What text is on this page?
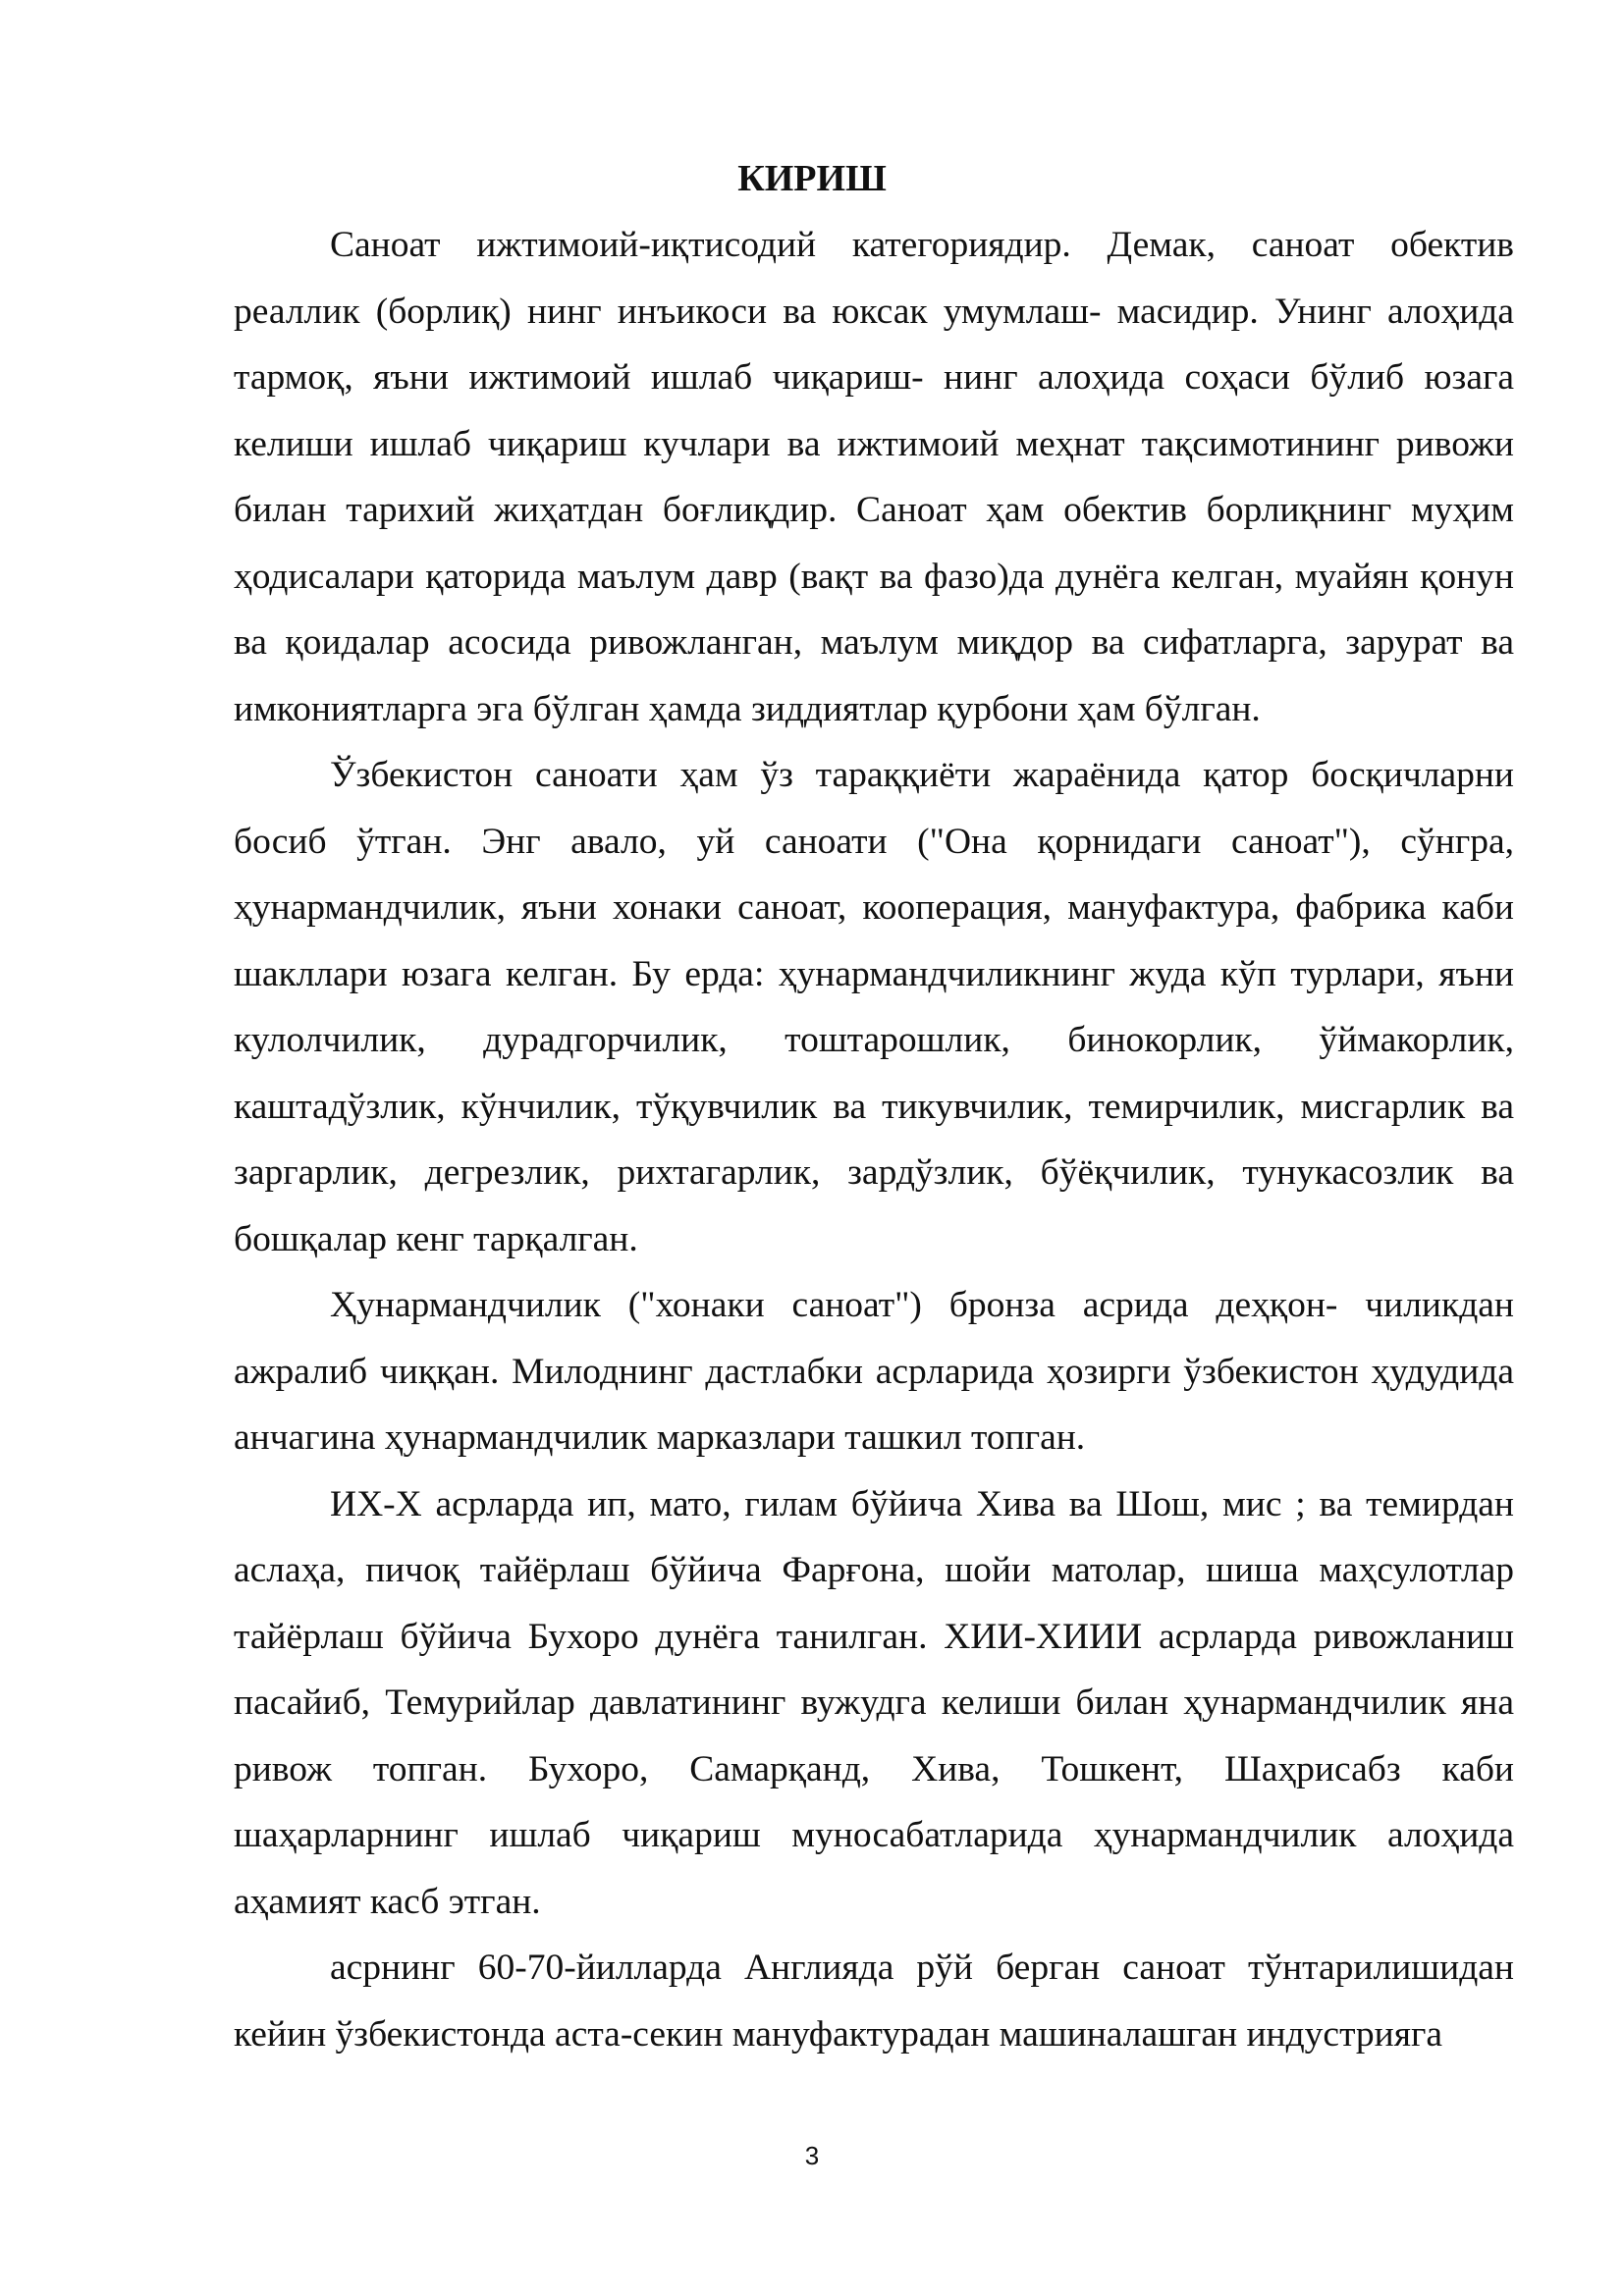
КИРИШ

Саноат ижтимоий-иқтисодий категориядир. Демак, саноат обектив реаллик (борлиқ) нинг инъикоси ва юксак умумлаш- масидир. Унинг алоҳида тармоқ, яъни ижтимоий ишлаб чиқариш- нинг алоҳида соҳаси бўлиб юзага келиши ишлаб чиқариш кучлари ва ижтимоий меҳнат тақсимотининг ривожи билан тарихий жиҳатдан боғлиқдир. Саноат ҳам обектив борлиқнинг муҳим ҳодисалари қаторида маълум давр (вақт ва фазо)да дунёга келган, муайян қонун ва қоидалар асосида ривожланган, маълум миқдор ва сифатларга, зарурат ва имкониятларга эга бўлган ҳамда зиддиятлар қурбони ҳам бўлган.

Ўзбекистон саноати ҳам ўз тараққиёти жараёнида қатор босқичларни босиб ўтган. Энг авало, уй саноати ("Она қорнидаги саноат"), сўнгра, ҳунармандчилик, яъни хонаки саноат, кооперация, мануфактура, фабрика каби шакллари юзага келган. Бу ерда: ҳунармандчиликнинг жуда кўп турлари, яъни кулолчилик, дурадгорчилик, тоштарошлик, бинокорлик, ўймакорлик, каштадўзлик, кўнчилик, тўқувчилик ва тикувчилик, темирчилик, мисгарлик ва заргарлик, дегрезлик, рихтагарлик, зардўзлик, бўёқчилик, тунукасозлик ва бошқалар кенг тарқалган.

Ҳунармандчилик ("хонаки саноат") бронза асрида деҳқон- чиликдан ажралиб чиққан. Милоднинг дастлабки асрларида ҳозирги ўзбекистон ҳудудида анчагина ҳунармандчилик марказлари ташкил топган.

ИХ-Х асрларда ип, мато, гилам бўйича Хива ва Шош, мис ; ва темирдан аслаҳа, пичоқ тайёрлаш бўйича Фарғона, шойи матолар, шиша маҳсулотлар тайёрлаш бўйича Бухоро дунёга танилган. ХИИ-ХИИИ асрларда ривожланиш пасайиб, Темурийлар давлатининг вужудга келиши билан ҳунармандчилик яна ривож топган. Бухоро, Самарқанд, Хива, Тошкент, Шаҳрисабз каби шаҳарларнинг ишлаб чиқариш муносабатларида ҳунармандчилик алоҳида аҳамият касб этган.

асрнинг 60-70-йилларда Англияда рўй берган саноат тўнтарилишидан кейин ўзбекистонда аста-секин мануфактурадан машиналашган индустрияга

3
